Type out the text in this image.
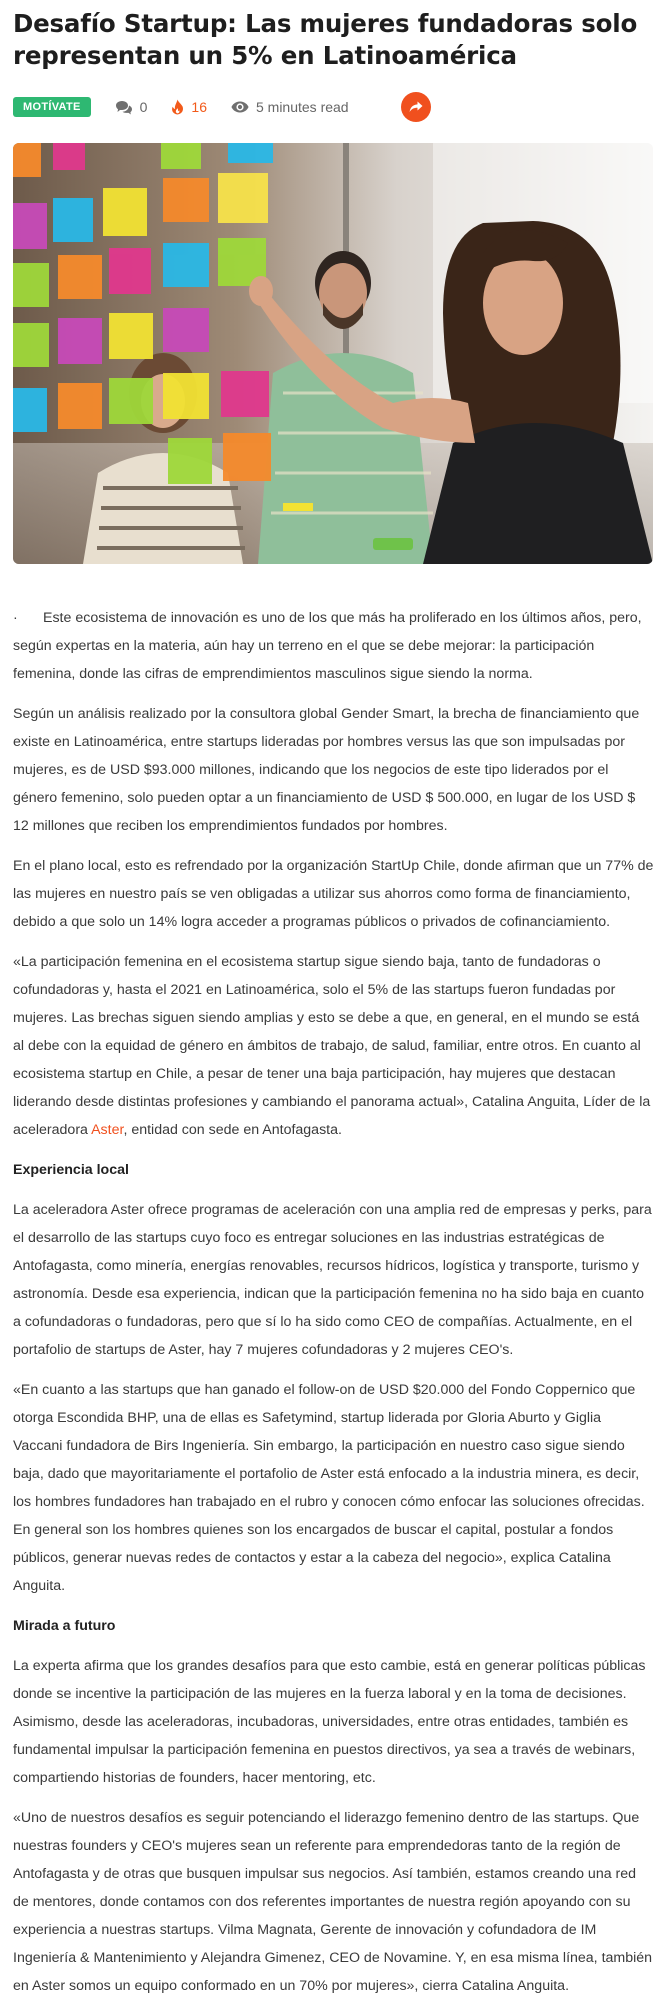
Desafío Startup: Las mujeres fundadoras solo representan un 5% en Latinoamérica
MOTÍVATE	0	16	5 minutes read

· Este ecosistema de innovación es uno de los que más ha proliferado en los últimos años, pero, según expertas en la materia, aún hay un terreno en el que se debe mejorar: la participación femenina, donde las cifras de emprendimientos masculinos sigue siendo la norma.

Según un análisis realizado por la consultora global Gender Smart, la brecha de financiamiento que existe en Latinoamérica, entre startups lideradas por hombres versus las que son impulsadas por mujeres, es de USD $93.000 millones, indicando que los negocios de este tipo liderados por el género femenino, solo pueden optar a un financiamiento de USD $ 500.000, en lugar de los USD $ 12 millones que reciben los emprendimientos fundados por hombres.

En el plano local, esto es refrendado por la organización StartUp Chile, donde afirman que un 77% de las mujeres en nuestro país se ven obligadas a utilizar sus ahorros como forma de financiamiento, debido a que solo un 14% logra acceder a programas públicos o privados de cofinanciamiento.

«La participación femenina en el ecosistema startup sigue siendo baja, tanto de fundadoras o cofundadoras y, hasta el 2021 en Latinoamérica, solo el 5% de las startups fueron fundadas por mujeres. Las brechas siguen siendo amplias y esto se debe a que, en general, en el mundo se está al debe con la equidad de género en ámbitos de trabajo, de salud, familiar, entre otros. En cuanto al ecosistema startup en Chile, a pesar de tener una baja participación, hay mujeres que destacan liderando desde distintas profesiones y cambiando el panorama actual», Catalina Anguita, Líder de la aceleradora Aster, entidad con sede en Antofagasta.

Experiencia local

La aceleradora Aster ofrece programas de aceleración con una amplia red de empresas y perks, para el desarrollo de las startups cuyo foco es entregar soluciones en las industrias estratégicas de Antofagasta, como minería, energías renovables, recursos hídricos, logística y transporte, turismo y astronomía. Desde esa experiencia, indican que la participación femenina no ha sido baja en cuanto a cofundadoras o fundadoras, pero que sí lo ha sido como CEO de compañías. Actualmente, en el portafolio de startups de Aster, hay 7 mujeres cofundadoras y 2 mujeres CEO's.

«En cuanto a las startups que han ganado el follow-on de USD $20.000 del Fondo Coppernico que otorga Escondida BHP, una de ellas es Safetymind, startup liderada por Gloria Aburto y Giglia Vaccani fundadora de Birs Ingeniería. Sin embargo, la participación en nuestro caso sigue siendo baja, dado que mayoritariamente el portafolio de Aster está enfocado a la industria minera, es decir, los hombres fundadores han trabajado en el rubro y conocen cómo enfocar las soluciones ofrecidas. En general son los hombres quienes son los encargados de buscar el capital, postular a fondos públicos, generar nuevas redes de contactos y estar a la cabeza del negocio», explica Catalina Anguita.

Mirada a futuro

La experta afirma que los grandes desafíos para que esto cambie, está en generar políticas públicas donde se incentive la participación de las mujeres en la fuerza laboral y en la toma de decisiones. Asimismo, desde las aceleradoras, incubadoras, universidades, entre otras entidades, también es fundamental impulsar la participación femenina en puestos directivos, ya sea a través de webinars, compartiendo historias de founders, hacer mentoring, etc.

«Uno de nuestros desafíos es seguir potenciando el liderazgo femenino dentro de las startups. Que nuestras founders y CEO's mujeres sean un referente para emprendedoras tanto de la región de Antofagasta y de otras que busquen impulsar sus negocios. Así también, estamos creando una red de mentores, donde contamos con dos referentes importantes de nuestra región apoyando con su experiencia a nuestras startups. Vilma Magnata, Gerente de innovación y cofundadora de IM Ingeniería & Mantenimiento y Alejandra Gimenez, CEO de Novamine. Y, en esa misma línea, también en Aster somos un equipo conformado en un 70% por mujeres», cierra Catalina Anguita.
